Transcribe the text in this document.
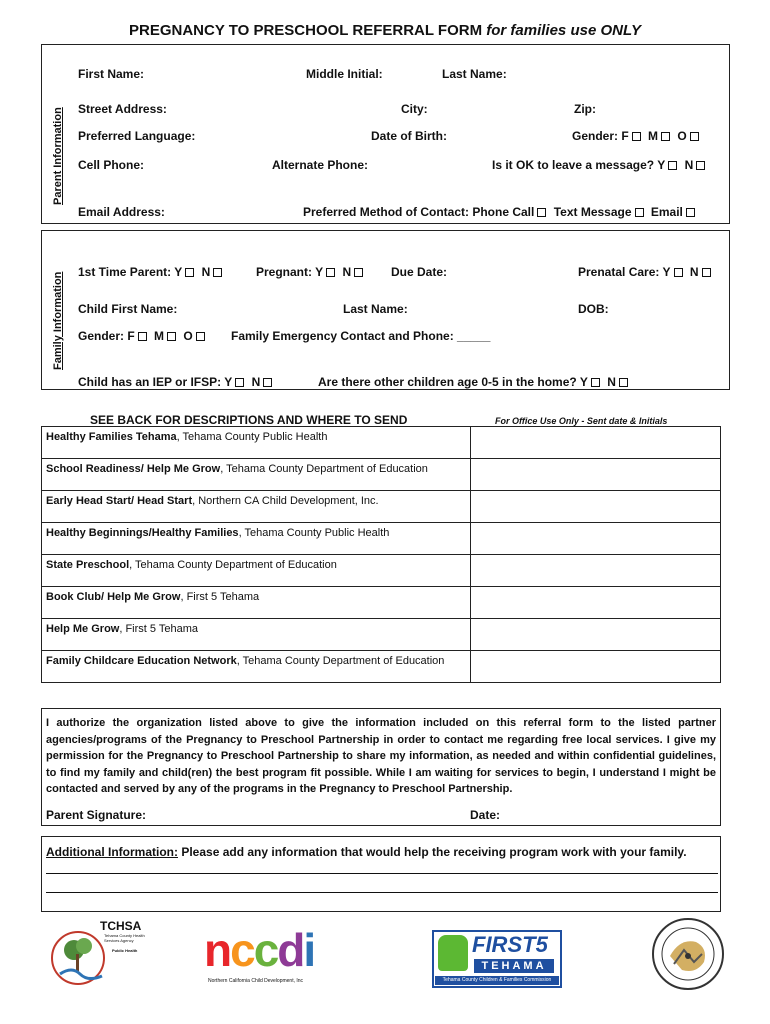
PREGNANCY TO PRESCHOOL REFERRAL FORM for families use ONLY
Parent Information
First Name:	Middle Initial:	Last Name:
Street Address:	City:	Zip:
Preferred Language:	Date of Birth:	Gender: F M O
Cell Phone:	Alternate Phone:	Is it OK to leave a message? Y N
Email Address:	Preferred Method of Contact: Phone Call Text Message Email
Family Information 1st Time Parent: Y N	Pregnant: Y N	Due Date:	Prenatal Care: Y N
Child First Name:	Last Name:	DOB:
Gender: F M O	Family Emergency Contact and Phone: _____
Child has an IEP or IFSP: Y N	Are there other children age 0-5 in the home? Y N
SEE BACK FOR DESCRIPTIONS AND WHERE TO SEND	For Office Use Only - Sent date & Initials
Healthy Families Tehama, Tehama County Public Health	
School Readiness/ Help Me Grow, Tehama County Department of Education	
Early Head Start/ Head Start, Northern CA Child Development, Inc.	
Healthy Beginnings/Healthy Families, Tehama County Public Health	
State Preschool, Tehama County Department of Education	
Book Club/ Help Me Grow, First 5 Tehama	
Help Me Grow, First 5 Tehama	
Family Childcare Education Network, Tehama County Department of Education	

I authorize the organization listed above to give the information included on this referral form to the listed partner agencies/programs of the Pregnancy to Preschool Partnership in order to contact me regarding free local services. I give my permission for the Pregnancy to Preschool Partnership to share my information, as needed and within confidential guidelines, to find my family and child(ren) the best program fit possible. While I am waiting for services to begin, I understand I might be contacted and served by any of the programs in the Pregnancy to Preschool Partnership.

Parent Signature:	Date:
Additional Information: Please add any information that would help the receiving program work with your family.
TCHSA
Tehama County Health Services Agency
Public Health nccdi
Northern California Child Development, Inc
FIRST5
TEHAMA
Tehama County Children & Families Commission
